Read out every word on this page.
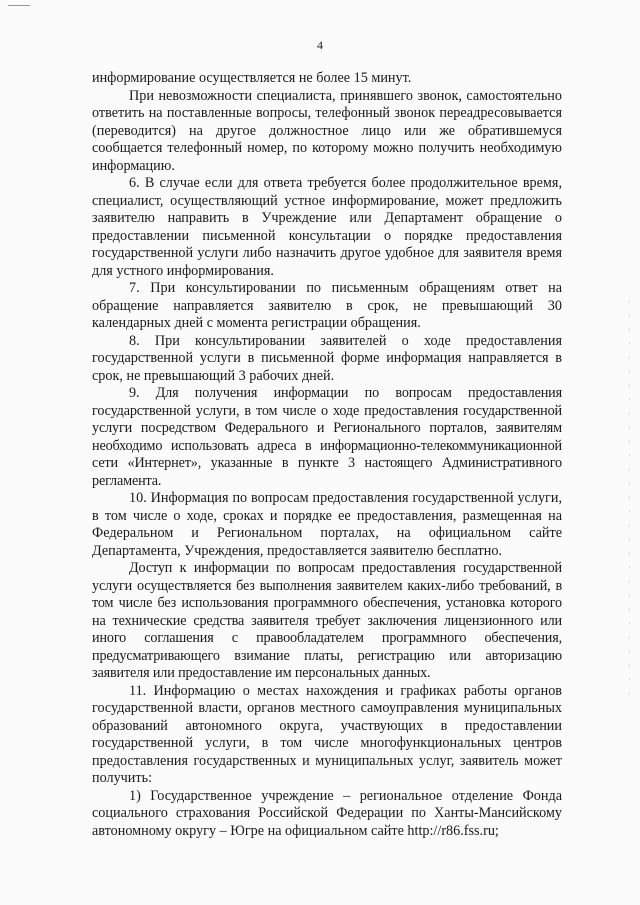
4

информирование осуществляется не более 15 минут.

При невозможности специалиста, принявшего звонок, самостоятельно ответить на поставленные вопросы, телефонный звонок переадресовывается (переводится) на другое должностное лицо или же обратившемуся сообщается телефонный номер, по которому можно получить необходимую информацию.

6. В случае если для ответа требуется более продолжительное время, специалист, осуществляющий устное информирование, может предложить заявителю направить в Учреждение или Департамент обращение о предоставлении письменной консультации о порядке предоставления государственной услуги либо назначить другое удобное для заявителя время для устного информирования.

7. При консультировании по письменным обращениям ответ на обращение направляется заявителю в срок, не превышающий 30 календарных дней с момента регистрации обращения.

8. При консультировании заявителей о ходе предоставления государственной услуги в письменной форме информация направляется в срок, не превышающий 3 рабочих дней.

9. Для получения информации по вопросам предоставления государственной услуги, в том числе о ходе предоставления государственной услуги посредством Федерального и Регионального порталов, заявителям необходимо использовать адреса в информационно-телекоммуникационной сети «Интернет», указанные в пункте 3 настоящего Административного регламента.

10. Информация по вопросам предоставления государственной услуги, в том числе о ходе, сроках и порядке ее предоставления, размещенная на Федеральном и Региональном порталах, на официальном сайте Департамента, Учреждения, предоставляется заявителю бесплатно.

Доступ к информации по вопросам предоставления государственной услуги осуществляется без выполнения заявителем каких-либо требований, в том числе без использования программного обеспечения, установка которого на технические средства заявителя требует заключения лицензионного или иного соглашения с правообладателем программного обеспечения, предусматривающего взимание платы, регистрацию или авторизацию заявителя или предоставление им персональных данных.

11. Информацию о местах нахождения и графиках работы органов государственной власти, органов местного самоуправления муниципальных образований автономного округа, участвующих в предоставлении государственной услуги, в том числе многофункциональных центров предоставления государственных и муниципальных услуг, заявитель может получить:

1) Государственное учреждение – региональное отделение Фонда социального страхования Российской Федерации по Ханты-Мансийскому автономному округу – Югре на официальном сайте http://r86.fss.ru;
